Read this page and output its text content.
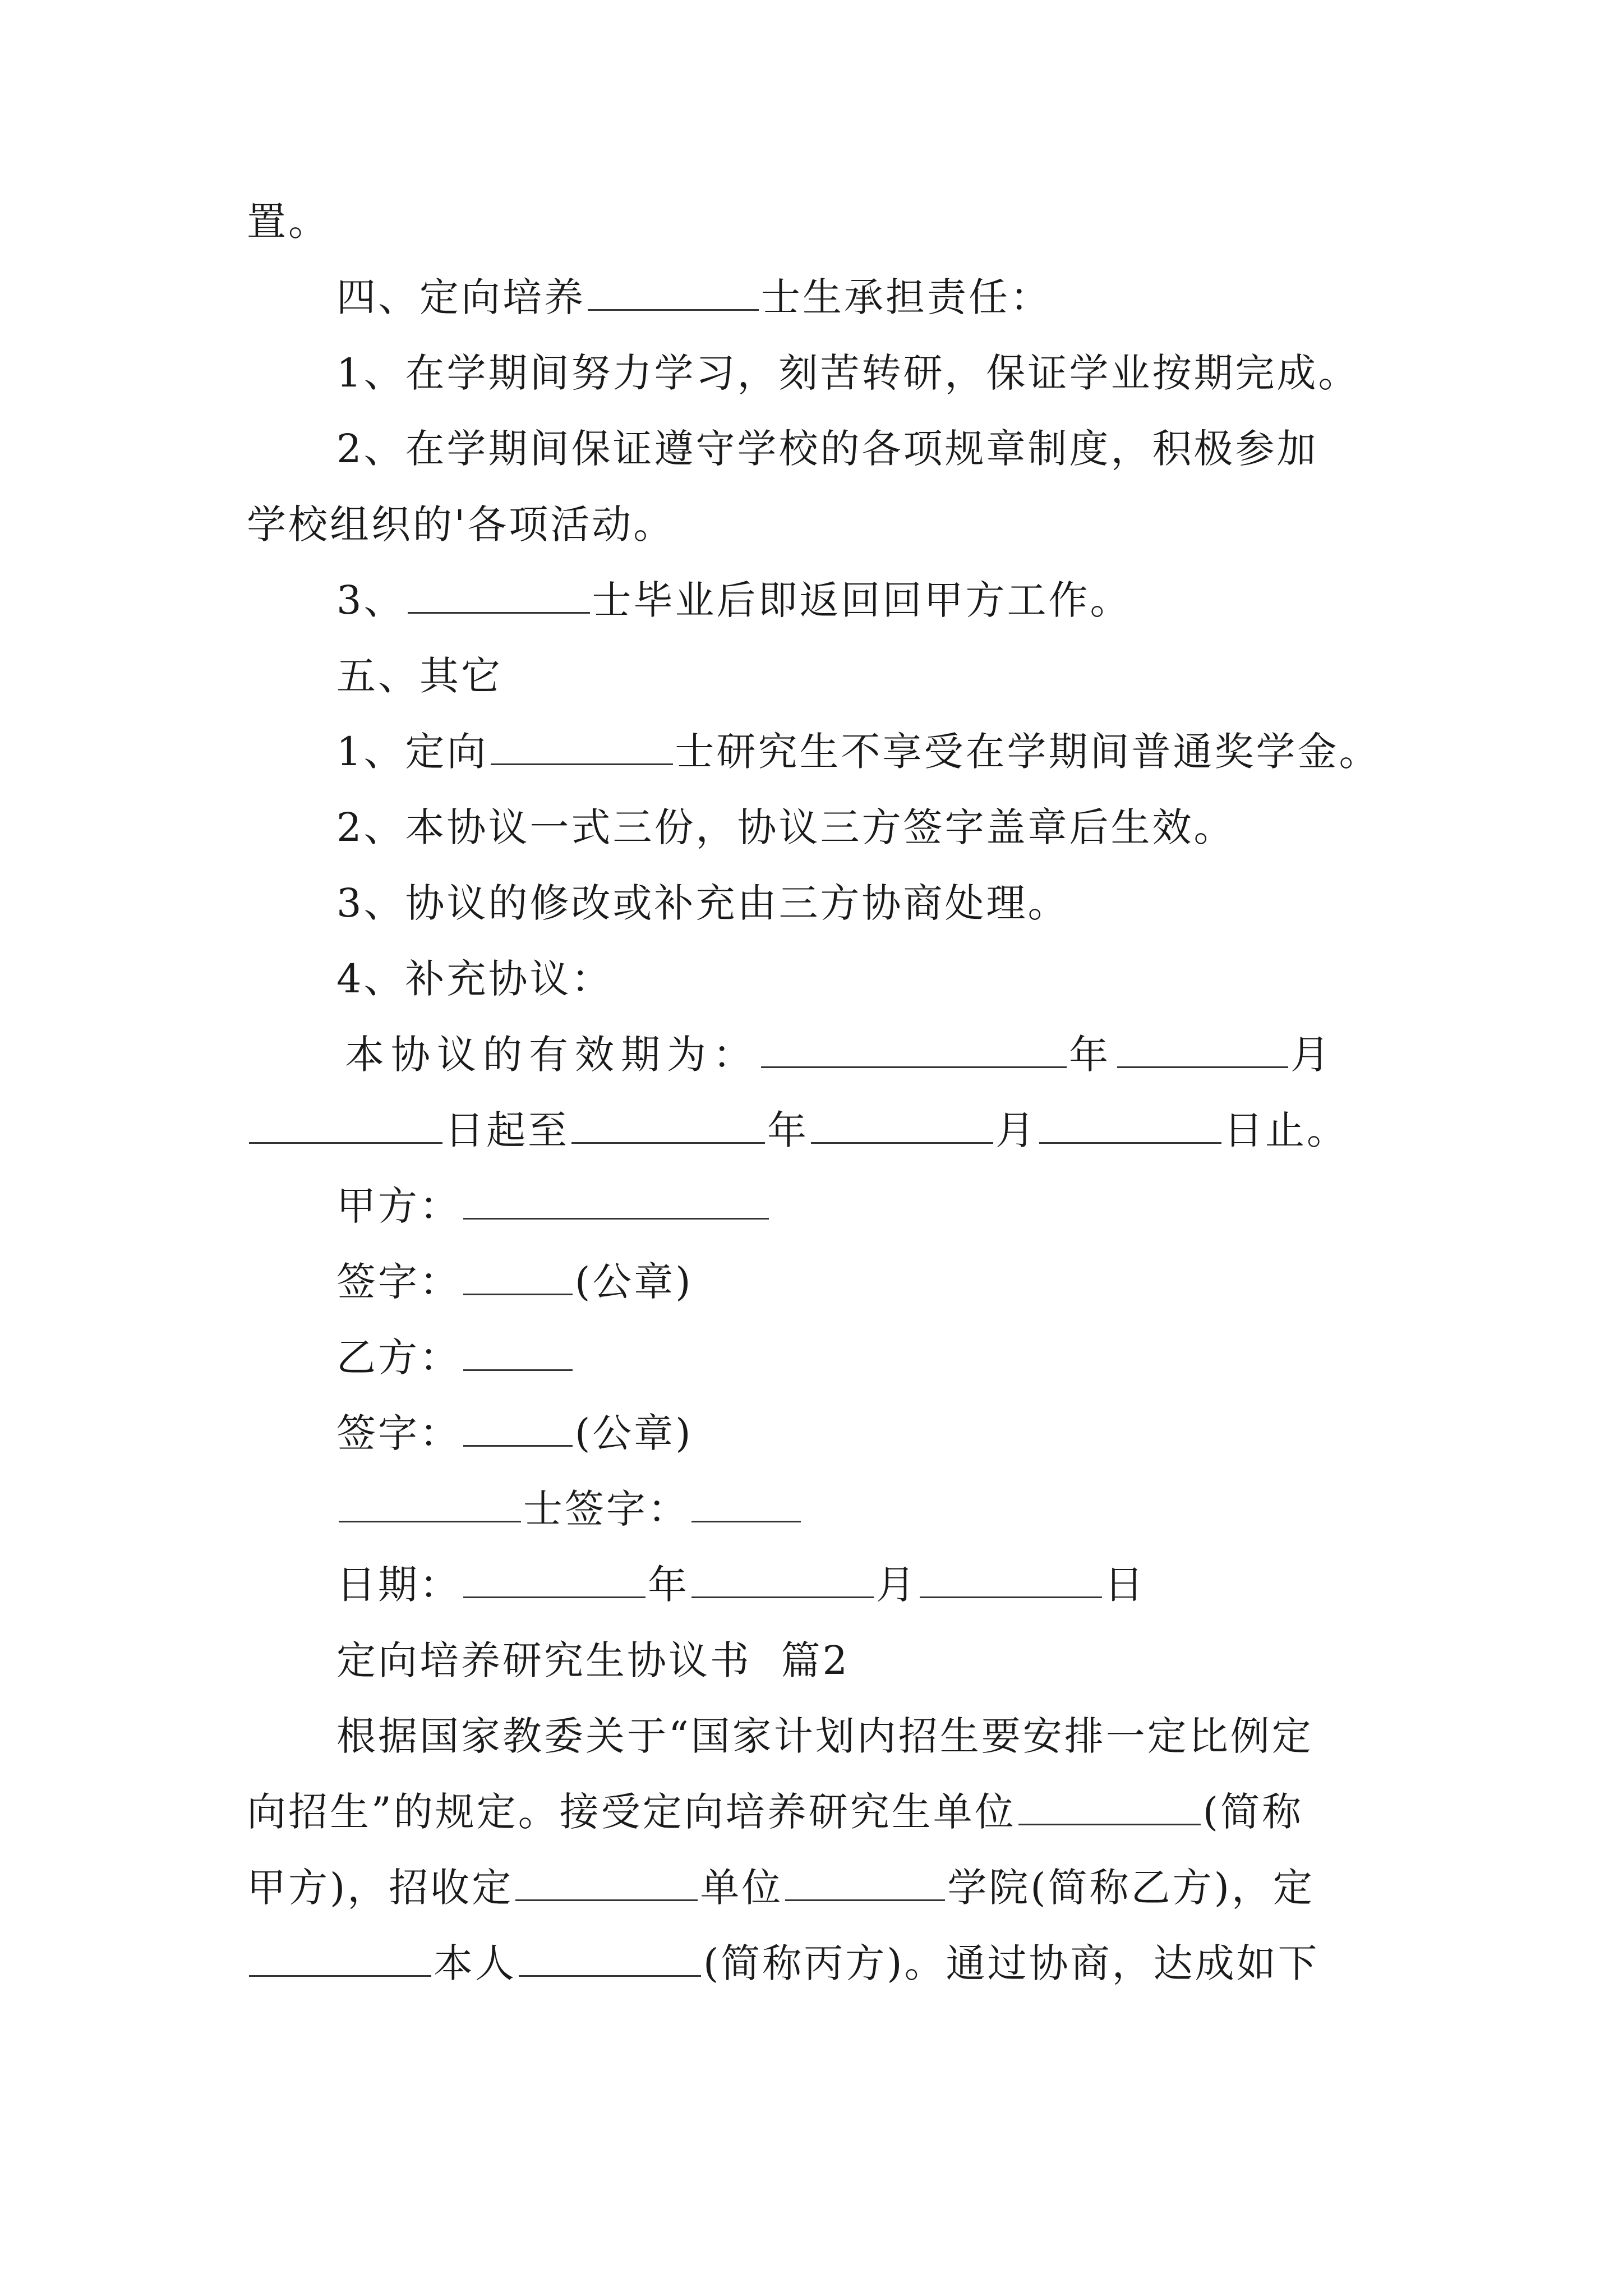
置。
四、定向培养	士生承担责任：
1、在学期间努力学习，刻苦转研，保证学业按期完成。
2、在学期间保证遵守学校的各项规章制度，积极参加
学校组织的'各项活动。
3、	士毕业后即返回回甲方工作。
五、其它
1、定向	士研究生不享受在学期间普通奖学金。
2、本协议一式三份，协议三方签字盖章后生效。
3、协议的修改或补充由三方协商处理。
4、补充协议：
本协议的有效期为：	年	月
日起至	年	月	日止。
甲方：
签字：	(公章)
乙方：
签字：	(公章)
士签字：
日期：	年	月	日
定向培养研究生协议书  篇2
根据国家教委关于“国家计划内招生要安排一定比例定
向招生”的规定。接受定向培养研究生单位	(简称
甲方)，招收定	单位	学院(简称乙方)，定
本人	(简称丙方)。通过协商，达成如下
